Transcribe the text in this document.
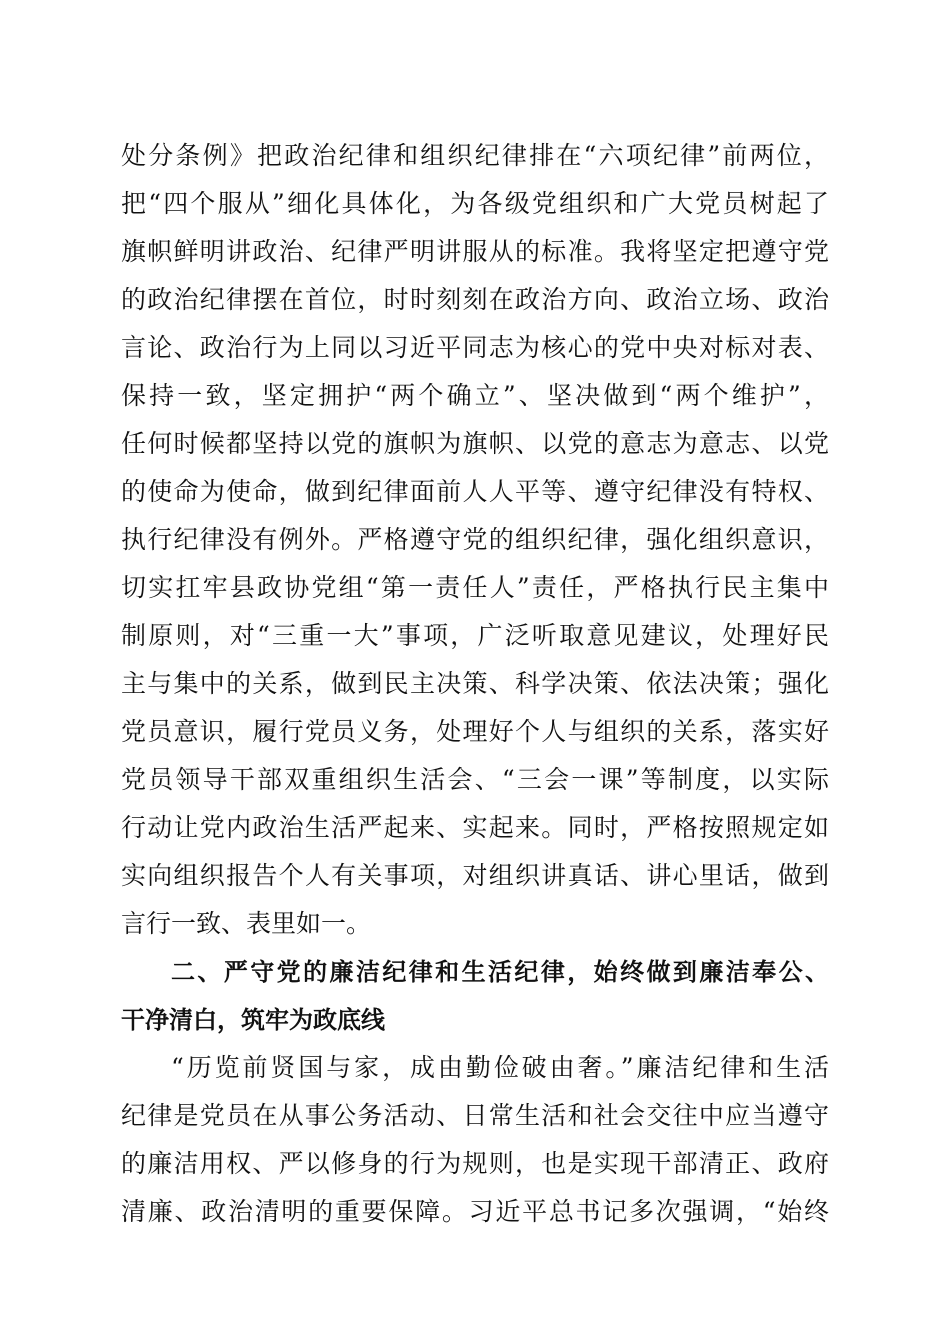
处分条例》把政治纪律和组织纪律排在“六项纪律”前两位，
把“四个服从”细化具体化，为各级党组织和广大党员树起了
旗帜鲜明讲政治、纪律严明讲服从的标准。我将坚定把遵守党
的政治纪律摆在首位，时时刻刻在政治方向、政治立场、政治
言论、政治行为上同以习近平同志为核心的党中央对标对表、
保持一致，坚定拥护“两个确立”、坚决做到“两个维护”，
任何时候都坚持以党的旗帜为旗帜、以党的意志为意志、以党
的使命为使命，做到纪律面前人人平等、遵守纪律没有特权、
执行纪律没有例外。严格遵守党的组织纪律，强化组织意识，
切实扛牢县政协党组“第一责任人”责任，严格执行民主集中
制原则，对“三重一大”事项，广泛听取意见建议，处理好民
主与集中的关系，做到民主决策、科学决策、依法决策；强化
党员意识，履行党员义务，处理好个人与组织的关系，落实好
党员领导干部双重组织生活会、“三会一课”等制度，以实际
行动让党内政治生活严起来、实起来。同时，严格按照规定如
实向组织报告个人有关事项，对组织讲真话、讲心里话，做到
言行一致、表里如一。
二、严守党的廉洁纪律和生活纪律，始终做到廉洁奉公、
干净清白，筑牢为政底线
“历览前贤国与家，成由勤俭破由奢。”廉洁纪律和生活
纪律是党员在从事公务活动、日常生活和社会交往中应当遵守
的廉洁用权、严以修身的行为规则，也是实现干部清正、政府
清廉、政治清明的重要保障。习近平总书记多次强调，“始终
